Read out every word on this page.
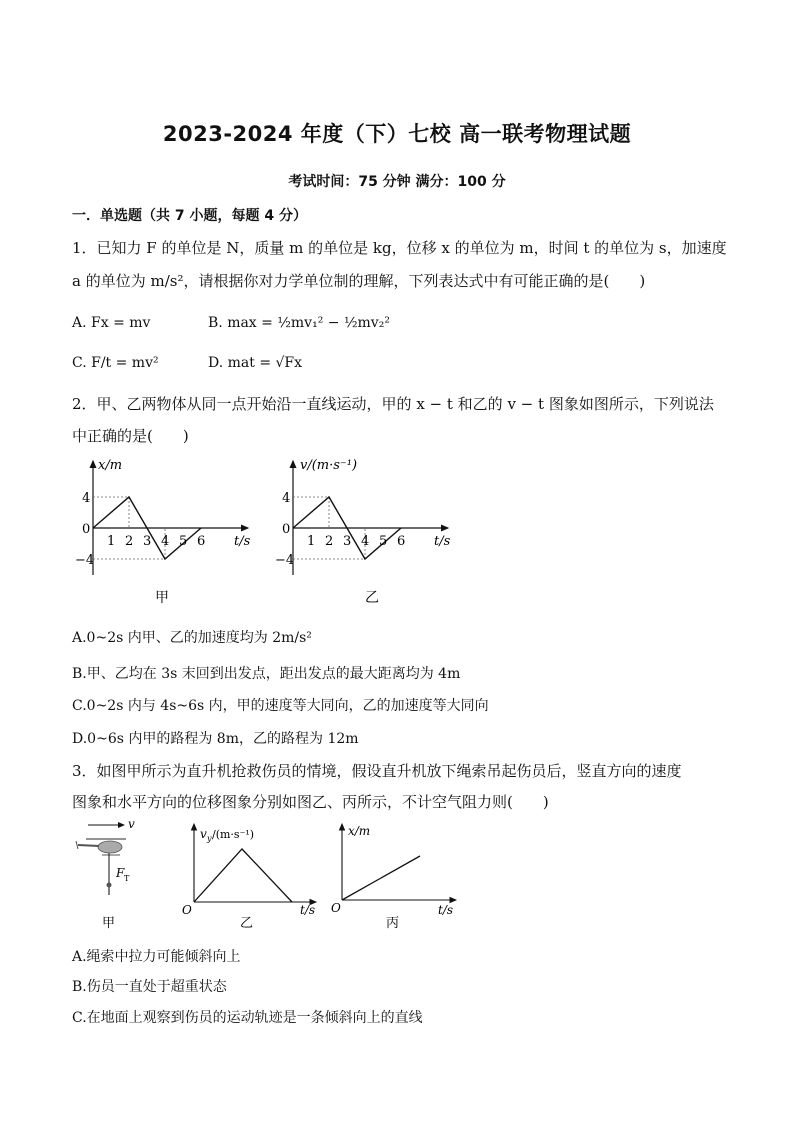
2023-2024 年度（下）七校 高一联考物理试题
考试时间：75 分钟 满分：100 分
一．单选题（共 7 小题，每题 4 分）
1．已知力 F 的单位是 N，质量 m 的单位是 kg，位移 x 的单位为 m，时间 t 的单位为 s，加速度
a 的单位为 m/s²，请根据你对力学单位制的理解，下列表达式中有可能正确的是(　　)
A. Fx = mv	B. max = ½mv₁² − ½mv₂²
C. F/t = mv²	D. mat = √Fx
2．甲、乙两物体从同一点开始沿一直线运动，甲的 x − t 和乙的 v − t 图象如图所示，下列说法
中正确的是(　　)
x/m
t/s
1 2 3 4 5 6
4
0
−4
甲
v/(m·s⁻¹)
t/s
1 2 3 4 5 6
4
0
−4
乙
A.0~2s 内甲、乙的加速度均为 2m/s²
B.甲、乙均在 3s 末回到出发点，距出发点的最大距离均为 4m
C.0~2s 内与 4s~6s 内，甲的速度等大同向，乙的加速度等大同向
D.0~6s 内甲的路程为 8m，乙的路程为 12m
3．如图甲所示为直升机抢救伤员的情境，假设直升机放下绳索吊起伤员后，竖直方向的速度
图象和水平方向的位移图象分别如图乙、丙所示，不计空气阻力则(　　)
v
F T
甲
v y /(m·s⁻¹)
O	t/s
乙
x/m
O	t/s
丙
A.绳索中拉力可能倾斜向上
B.伤员一直处于超重状态
C.在地面上观察到伤员的运动轨迹是一条倾斜向上的直线
